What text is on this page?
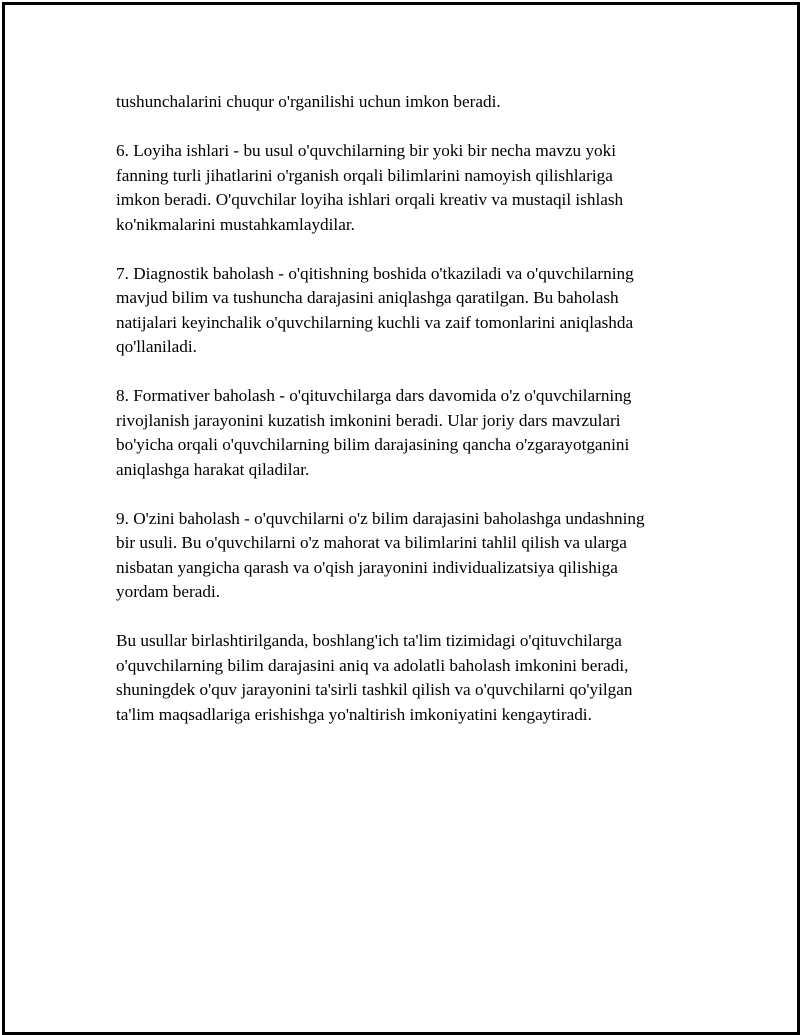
tushunchalarini chuqur o'rganilishi uchun imkon beradi.

6. Loyiha ishlari - bu usul o'quvchilarning bir yoki bir necha mavzu yoki
fanning turli jihatlarini o'rganish orqali bilimlarini namoyish qilishlariga
imkon beradi. O'quvchilar loyiha ishlari orqali kreativ va mustaqil ishlash
ko'nikmalarini mustahkamlaydilar.

7. Diagnostik baholash - o'qitishning boshida o'tkaziladi va o'quvchilarning
mavjud bilim va tushuncha darajasini aniqlashga qaratilgan. Bu baholash
natijalari keyinchalik o'quvchilarning kuchli va zaif tomonlarini aniqlashda
qo'llaniladi.

8. Formativer baholash - o'qituvchilarga dars davomida o'z o'quvchilarning
rivojlanish jarayonini kuzatish imkonini beradi. Ular joriy dars mavzulari
bo'yicha orqali o'quvchilarning bilim darajasining qancha o'zgarayotganini
aniqlashga harakat qiladilar.

9. O'zini baholash - o'quvchilarni o'z bilim darajasini baholashga undashning
bir usuli. Bu o'quvchilarni o'z mahorat va bilimlarini tahlil qilish va ularga
nisbatan yangicha qarash va o'qish jarayonini individualizatsiya qilishiga
yordam beradi.

Bu usullar birlashtirilganda, boshlang'ich ta'lim tizimidagi o'qituvchilarga
o'quvchilarning bilim darajasini aniq va adolatli baholash imkonini beradi,
shuningdek o'quv jarayonini ta'sirli tashkil qilish va o'quvchilarni qo'yilgan
ta'lim maqsadlariga erishishga yo'naltirish imkoniyatini kengaytiradi.
